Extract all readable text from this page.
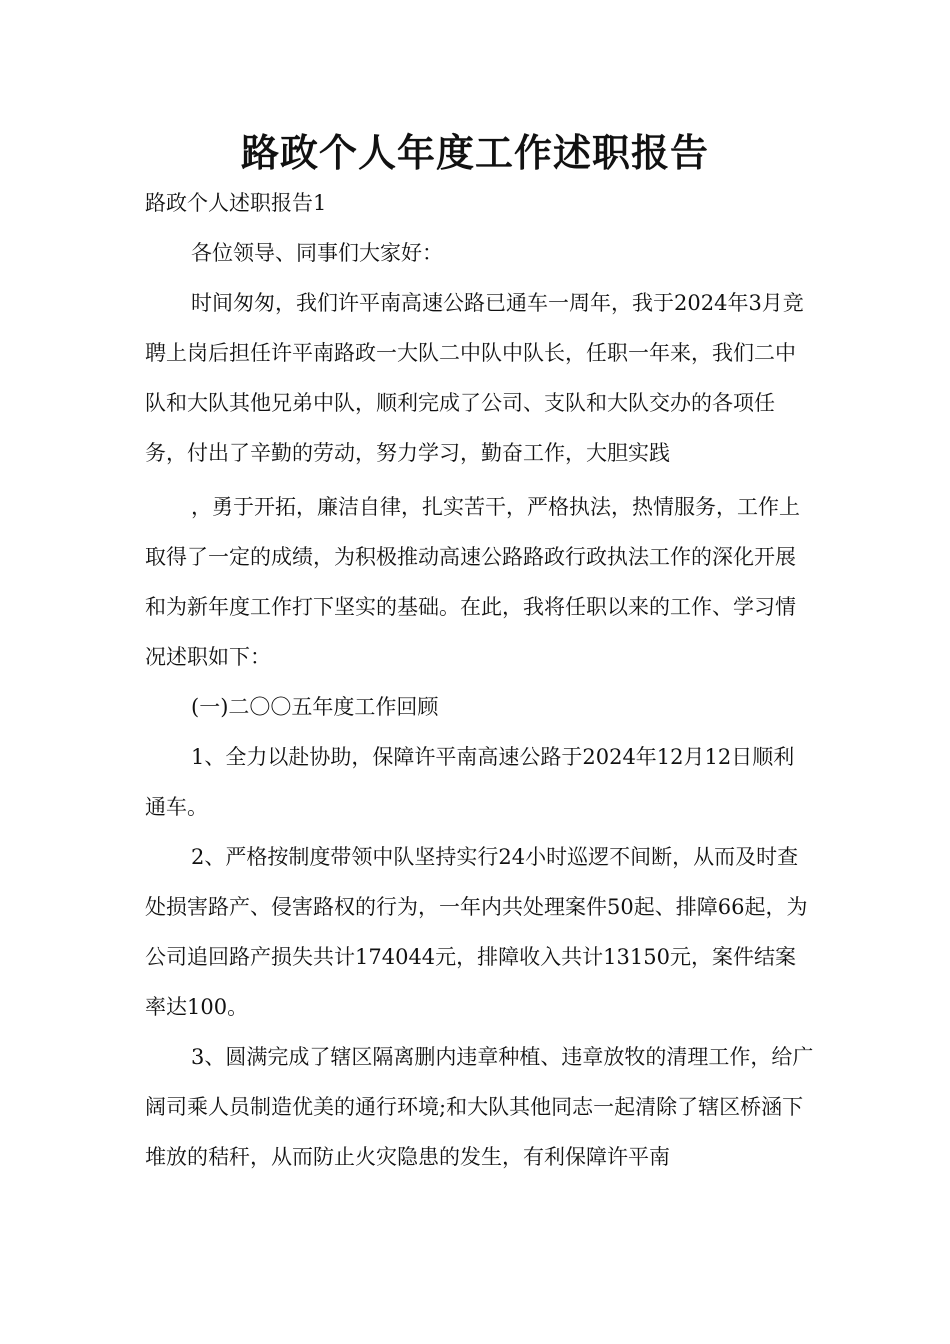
路政个人年度工作述职报告

路政个人述职报告1

各位领导、同事们大家好：

时间匆匆，我们许平南高速公路已通车一周年，我于2024年3月竞聘上岗后担任许平南路政一大队二中队中队长，任职一年来，我们二中队和大队其他兄弟中队，顺利完成了公司、支队和大队交办的各项任务，付出了辛勤的劳动，努力学习，勤奋工作，大胆实践

，勇于开拓，廉洁自律，扎实苦干，严格执法，热情服务，工作上取得了一定的成绩，为积极推动高速公路路政行政执法工作的深化开展和为新年度工作打下坚实的基础。在此，我将任职以来的工作、学习情况述职如下：

(一)二〇〇五年度工作回顾

1、全力以赴协助，保障许平南高速公路于2024年12月12日顺利通车。

2、严格按制度带领中队坚持实行24小时巡逻不间断，从而及时查处损害路产、侵害路权的行为，一年内共处理案件50起、排障66起，为公司追回路产损失共计174044元，排障收入共计13150元，案件结案率达100。

3、圆满完成了辖区隔离删内违章种植、违章放牧的清理工作，给广阔司乘人员制造优美的通行环境;和大队其他同志一起清除了辖区桥涵下堆放的秸秆，从而防止火灾隐患的发生，有利保障许平南
